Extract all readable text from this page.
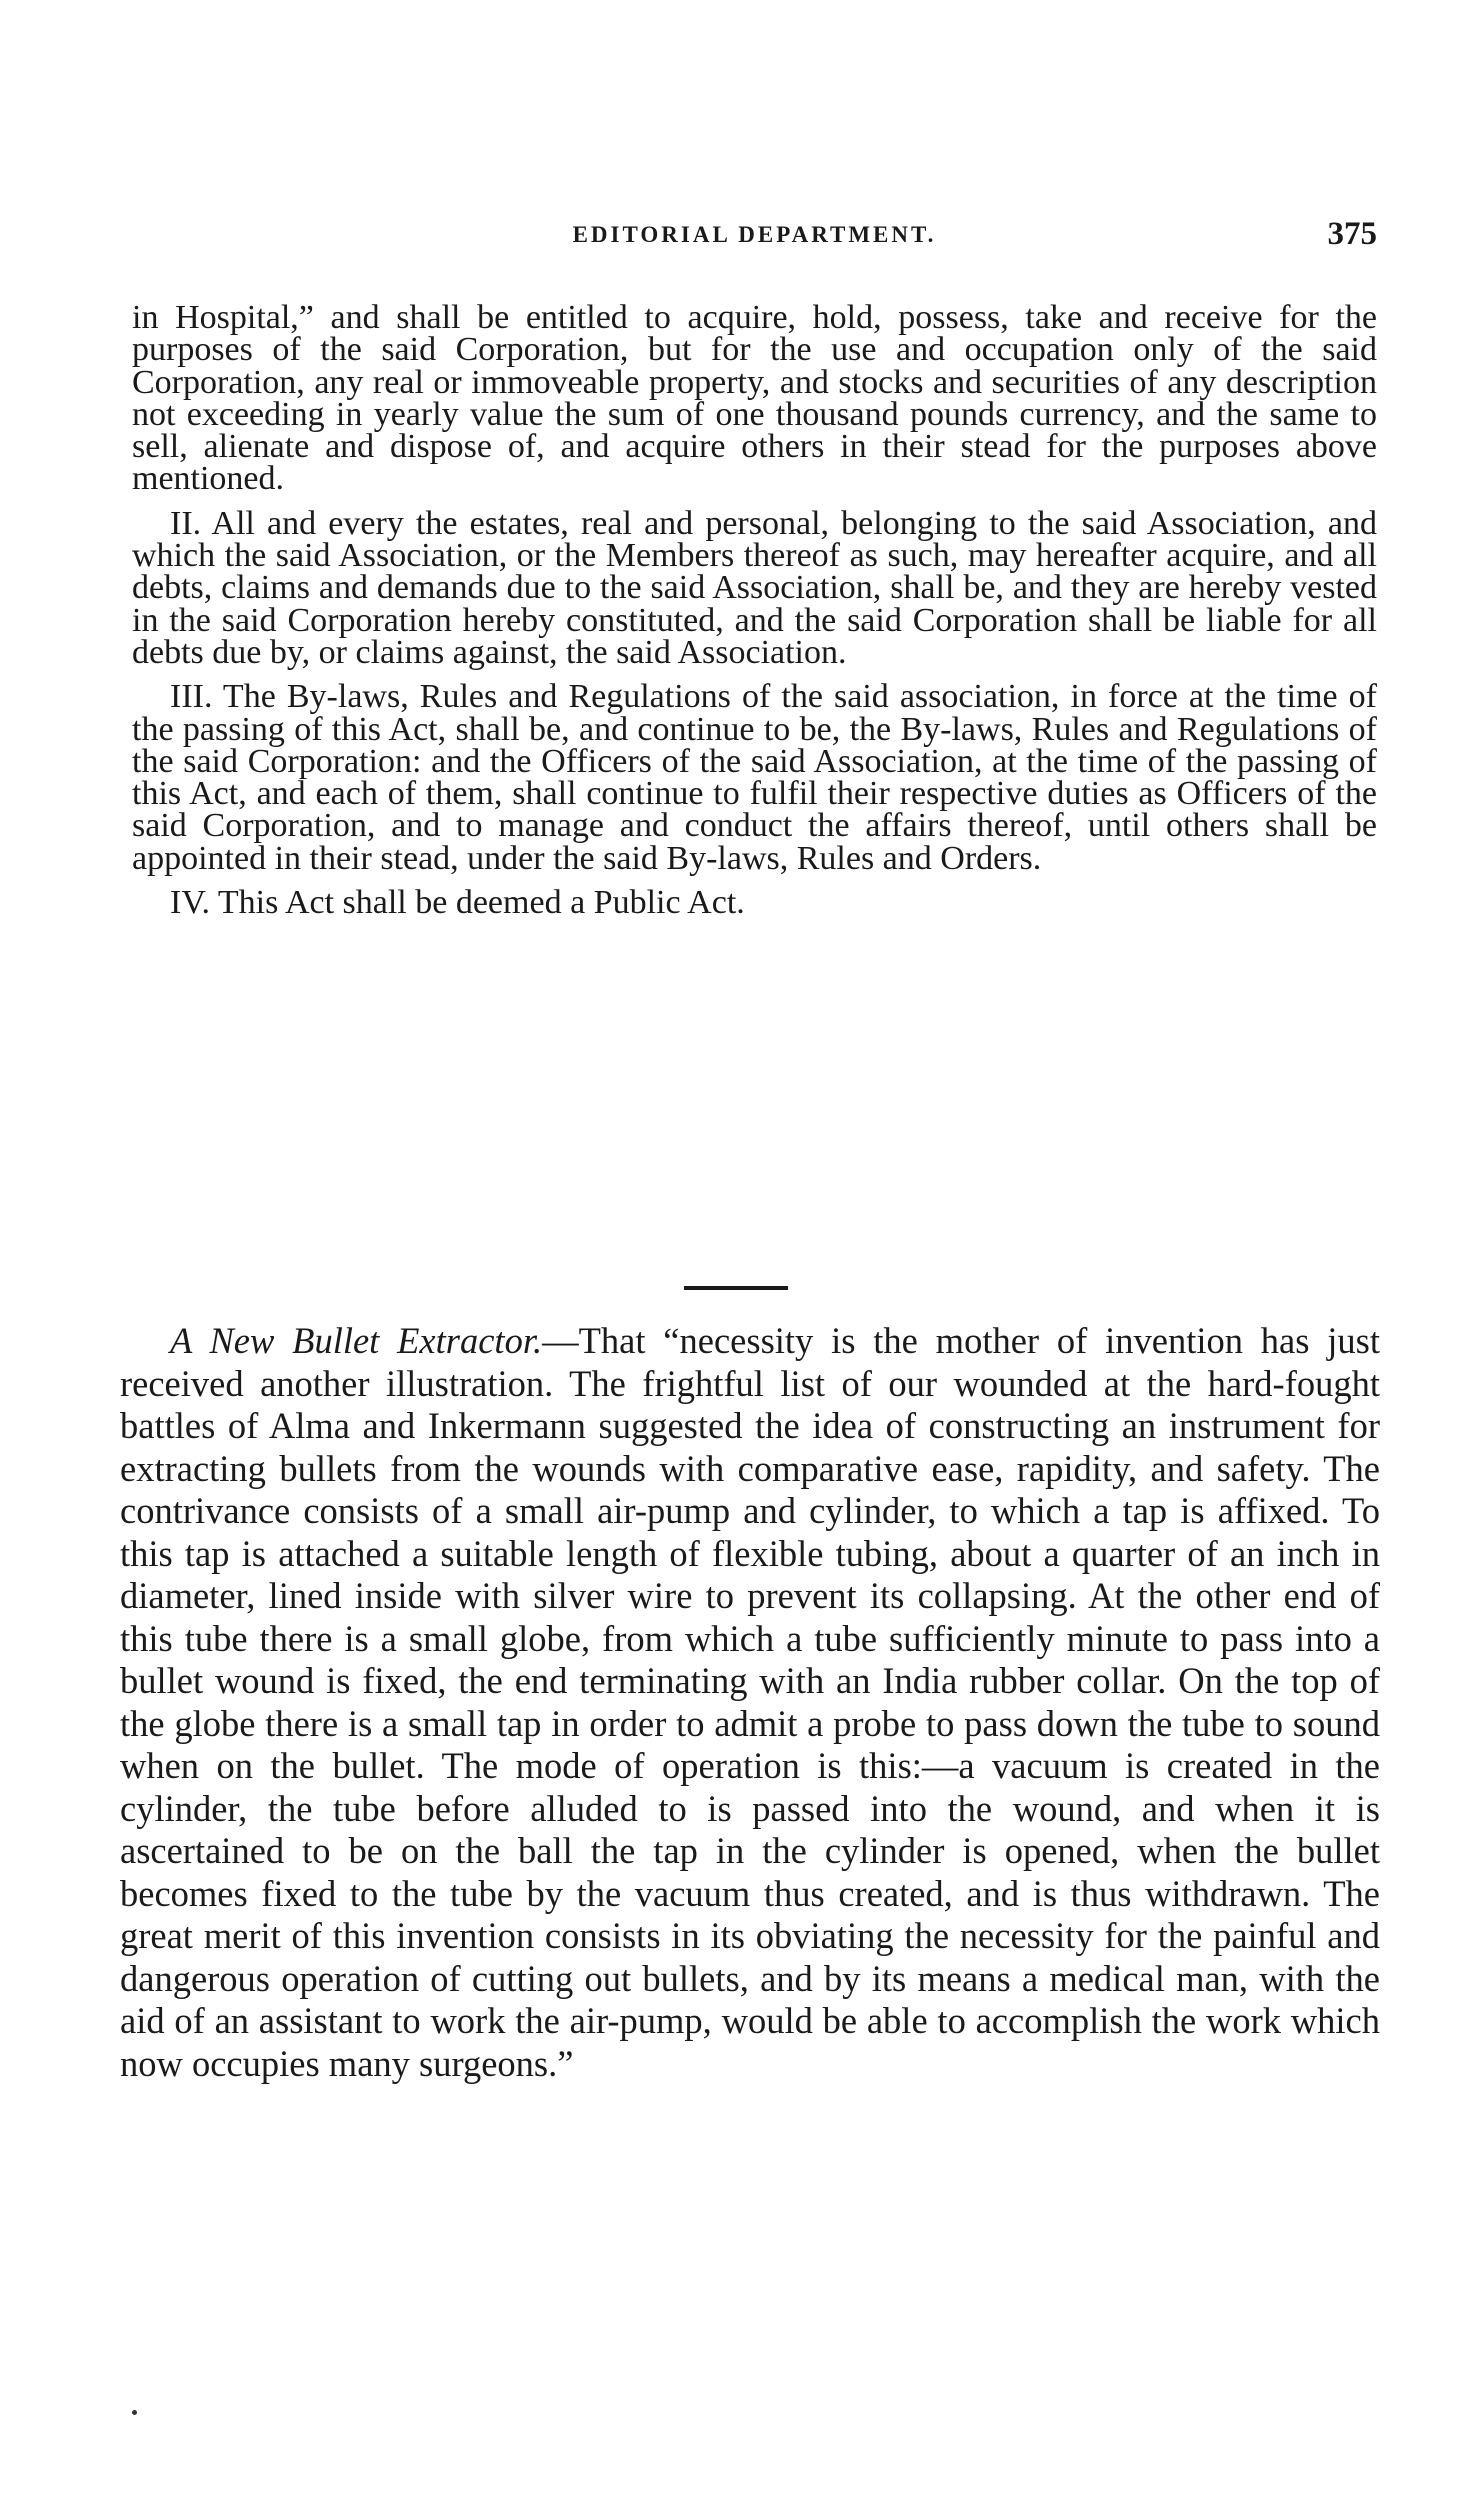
EDITORIAL DEPARTMENT.	375

in Hospital,” and shall be entitled to acquire, hold, possess, take and receive for the purposes of the said Corporation, but for the use and occupation only of the said Corporation, any real or immoveable property, and stocks and securities of any description not exceeding in yearly value the sum of one thousand pounds currency, and the same to sell, alienate and dispose of, and acquire others in their stead for the purposes above mentioned.

II. All and every the estates, real and personal, belonging to the said Association, and which the said Association, or the Members thereof as such, may hereafter acquire, and all debts, claims and demands due to the said Association, shall be, and they are hereby vested in the said Corporation hereby constituted, and the said Corporation shall be liable for all debts due by, or claims against, the said Association.

III. The By-laws, Rules and Regulations of the said association, in force at the time of the passing of this Act, shall be, and continue to be, the By-laws, Rules and Regulations of the said Corporation: and the Officers of the said Association, at the time of the passing of this Act, and each of them, shall continue to fulfil their respective duties as Officers of the said Corporation, and to manage and conduct the affairs thereof, until others shall be appointed in their stead, under the said By-laws, Rules and Orders.

IV. This Act shall be deemed a Public Act.

A New Bullet Extractor.—That “necessity is the mother of invention has just received another illustration. The frightful list of our wounded at the hard-fought battles of Alma and Inkermann suggested the idea of constructing an instrument for extracting bullets from the wounds with comparative ease, rapidity, and safety. The contrivance consists of a small air-pump and cylinder, to which a tap is affixed. To this tap is attached a suitable length of flexible tubing, about a quarter of an inch in diameter, lined inside with silver wire to prevent its collapsing. At the other end of this tube there is a small globe, from which a tube sufficiently minute to pass into a bullet wound is fixed, the end terminating with an India rubber collar. On the top of the globe there is a small tap in order to admit a probe to pass down the tube to sound when on the bullet. The mode of operation is this:—a vacuum is created in the cylinder, the tube before alluded to is passed into the wound, and when it is ascertained to be on the ball the tap in the cylinder is opened, when the bullet becomes fixed to the tube by the vacuum thus created, and is thus withdrawn. The great merit of this invention consists in its obviating the necessity for the painful and dangerous operation of cutting out bullets, and by its means a medical man, with the aid of an assistant to work the air-pump, would be able to accomplish the work which now occupies many surgeons.”
